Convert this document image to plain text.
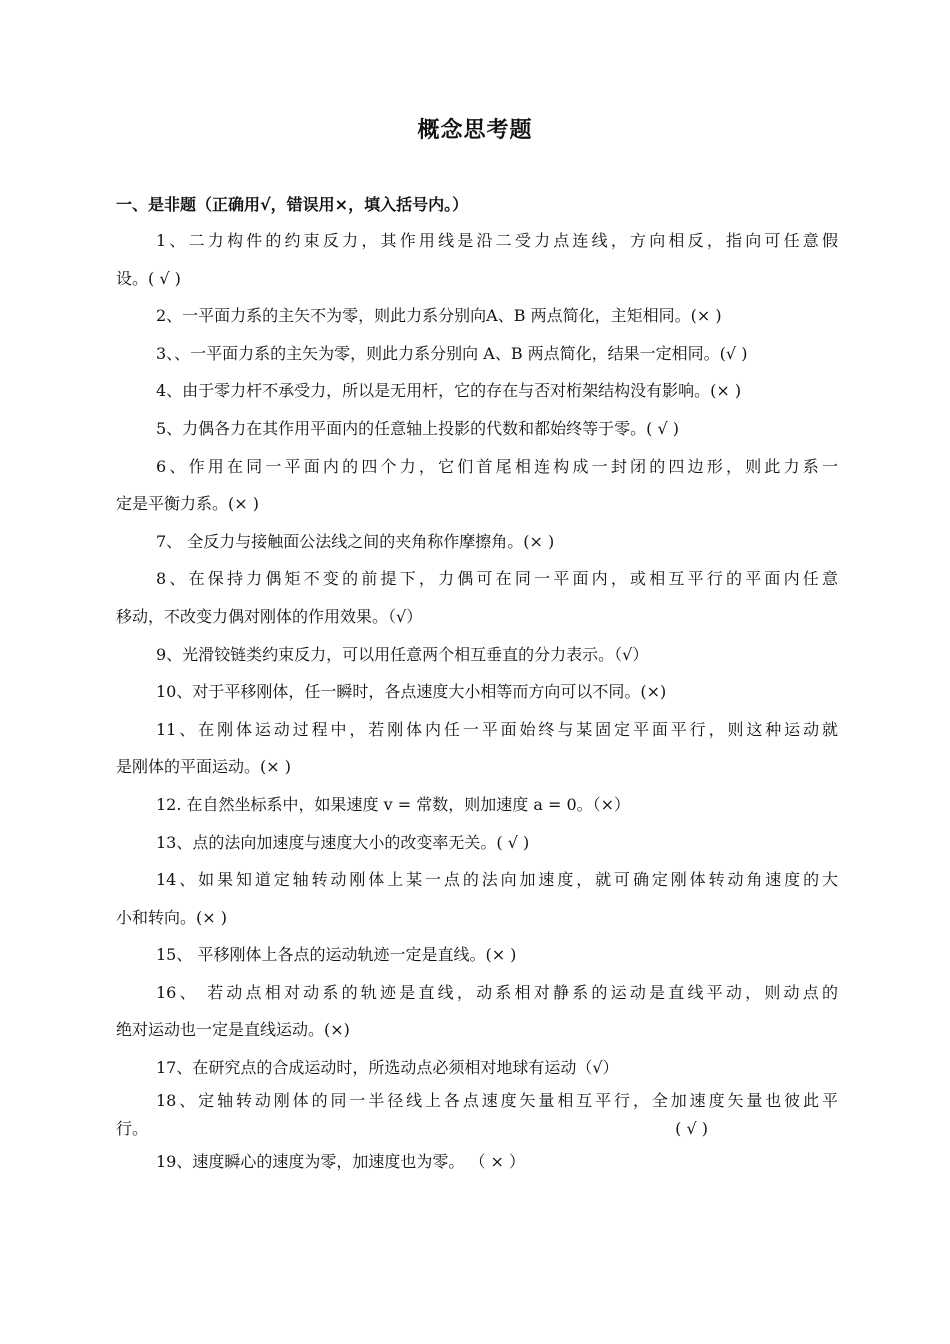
概念思考题
一、是非题（正确用√，错误用×，填入括号内。）
1、二力构件的约束反力，其作用线是沿二受力点连线，方向相反，指向可任意假
设。( √ )
2、一平面力系的主矢不为零，则此力系分别向A、B 两点简化，主矩相同。(× )
3、、一平面力系的主矢为零，则此力系分别向 A、B 两点简化，结果一定相同。(√ )
4、由于零力杆不承受力，所以是无用杆，它的存在与否对桁架结构没有影响。(× )
5、力偶各力在其作用平面内的任意轴上投影的代数和都始终等于零。( √ )
6、作用在同一平面内的四个力，它们首尾相连构成一封闭的四边形，则此力系一
定是平衡力系。(× )
7、 全反力与接触面公法线之间的夹角称作摩擦角。(× )
8、在保持力偶矩不变的前提下，力偶可在同一平面内，或相互平行的平面内任意
移动，不改变力偶对刚体的作用效果。（√）
9、光滑铰链类约束反力，可以用任意两个相互垂直的分力表示。（√）
10、对于平移刚体，任一瞬时，各点速度大小相等而方向可以不同。(×)
11、在刚体运动过程中，若刚体内任一平面始终与某固定平面平行，则这种运动就
是刚体的平面运动。(× )
12. 在自然坐标系中，如果速度 v = 常数，则加速度 a = 0。（×）
13、点的法向加速度与速度大小的改变率无关。( √ )
14、如果知道定轴转动刚体上某一点的法向加速度，就可确定刚体转动角速度的大
小和转向。(× )
15、 平移刚体上各点的运动轨迹一定是直线。(× )
16、 若动点相对动系的轨迹是直线，动系相对静系的运动是直线平动，则动点的
绝对运动也一定是直线运动。(×)
17、在研究点的合成运动时，所选动点必须相对地球有运动（√）
18、定轴转动刚体的同一半径线上各点速度矢量相互平行，全加速度矢量也彼此平
行。	( √ )
19、速度瞬心的速度为零，加速度也为零。 （ × ）
